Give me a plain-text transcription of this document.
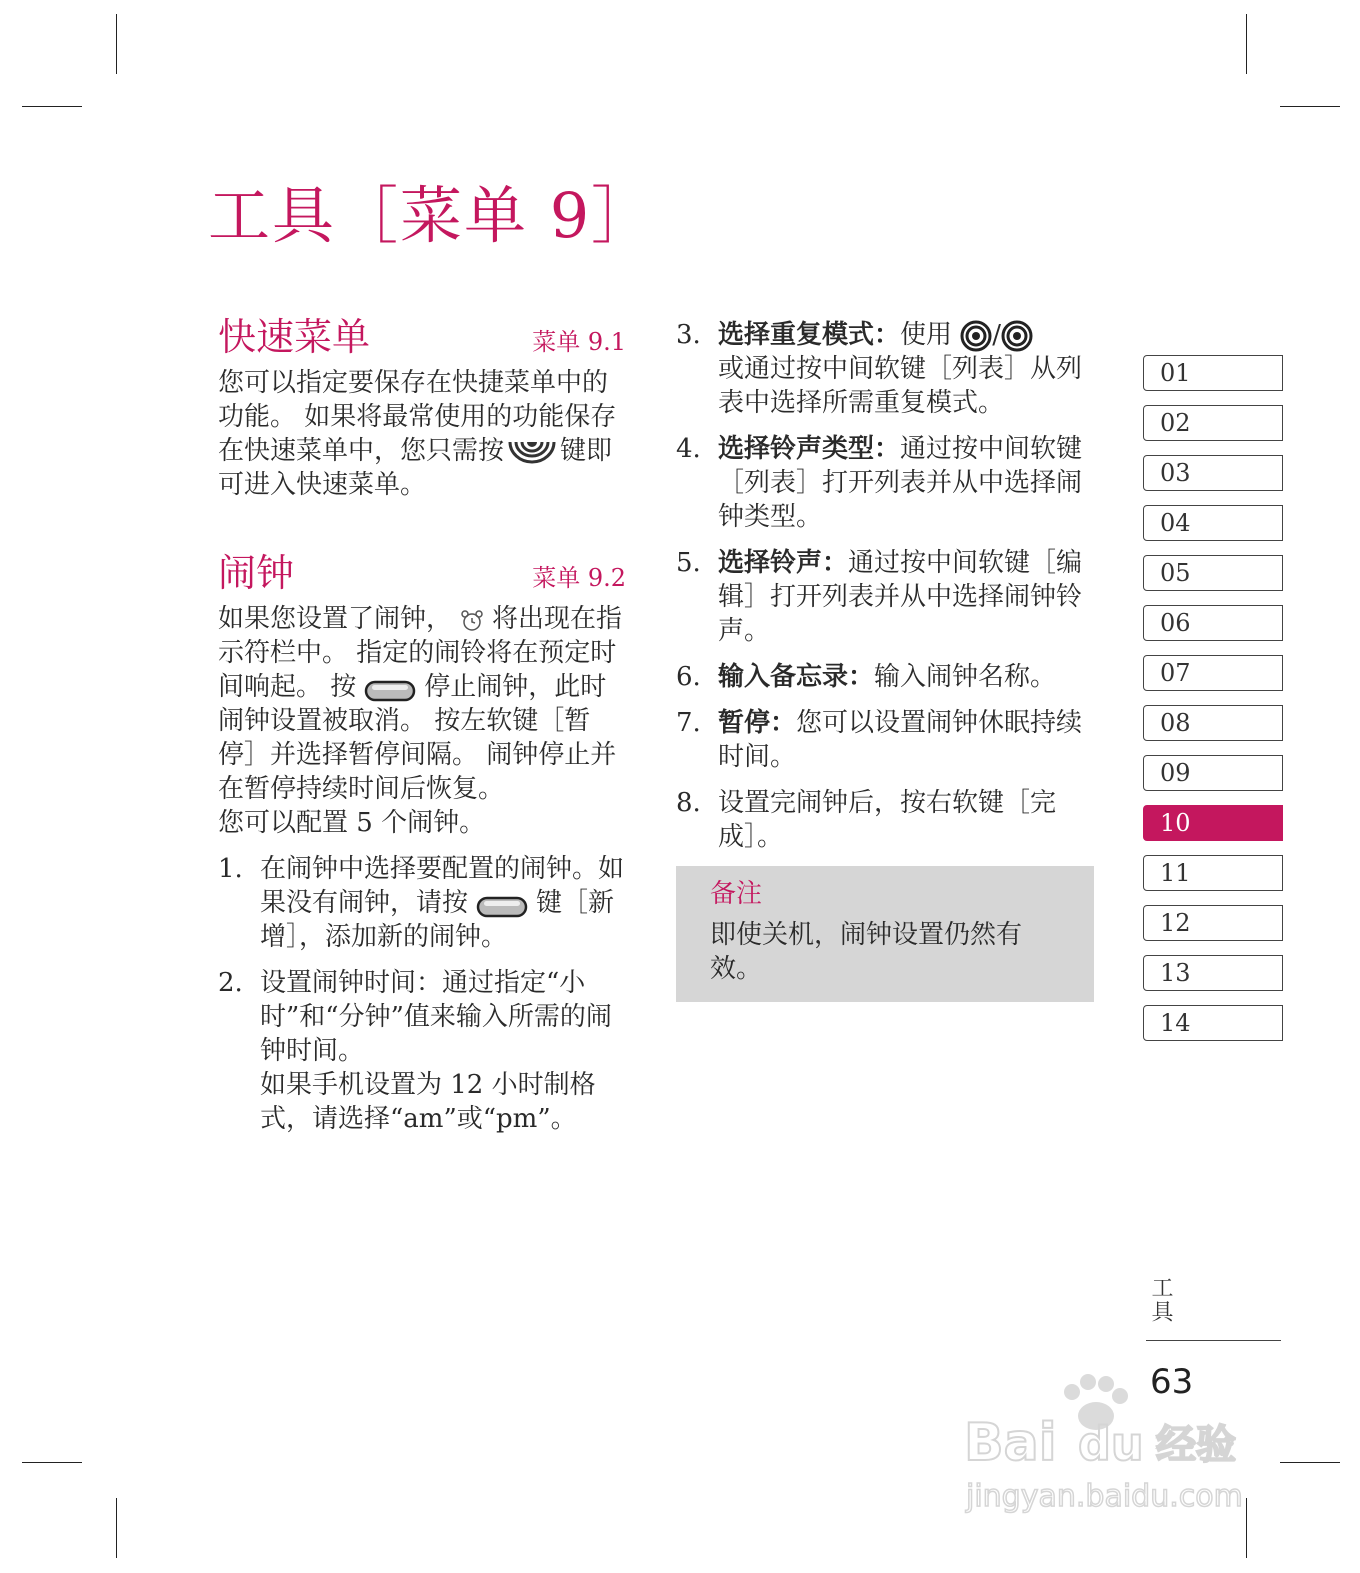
工具［菜单 9］
快速菜单	菜单 9.1
您可以指定要保存在快捷菜单中的功能。 如果将最常使用的功能保存在快速菜单中，您只需按 键即可进入快速菜单。
闹钟	菜单 9.2

如果您设置了闹钟， 将出现在指示符栏中。 指定的闹铃将在预定时间响起。 按	停止闹钟，此时闹钟设置被取消。 按左软键［暂停］并选择暂停间隔。 闹钟停止并在暂停持续时间后恢复。

您可以配置 5 个闹钟。

1. 在闹钟中选择要配置的闹钟。如果没有闹钟，请按	键［新增］，添加新的闹钟。
2. 设置闹钟时间：通过指定“小时”和“分钟”值来输入所需的闹钟时间。
如果手机设置为 12 小时制格式，请选择“am”或“pm”。
3. 选择重复模式：使用 /
或通过按中间软键［列表］从列表中选择所需重复模式。
4. 选择铃声类型：通过按中间软键［列表］打开列表并从中选择闹钟类型。
5. 选择铃声：通过按中间软键［编辑］打开列表并从中选择闹钟铃声。
6. 输入备忘录：输入闹钟名称。
7. 暂停：您可以设置闹钟休眠持续时间。
8. 设置完闹钟后，按右软键［完成］。
备注
即使关机，闹钟设置仍然有效。
01
02
03
04
05
06
07
08
09
10
11
12
13
14
工具
63
Bai du 经验
jingyan.baidu.com
